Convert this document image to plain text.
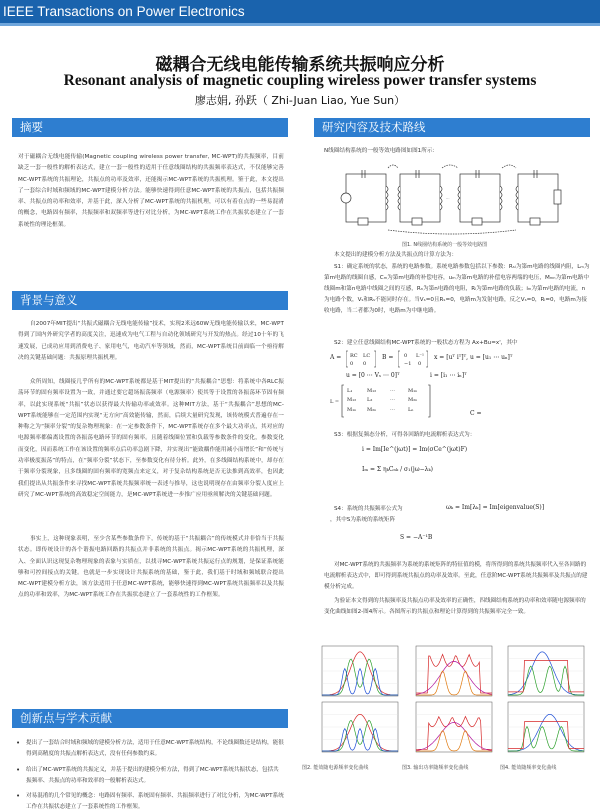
IEEE Transactions on Power Electronics
磁耦合无线电能传输系统共振响应分析
Resonant analysis of magnetic coupling wireless power transfer systems
廖志娟, 孙跃（ Zhi-Juan Liao, Yue Sun）
摘要

对于磁耦合无线电能传输(Magnetic coupling wireless power transfer, MC-WPT)的共振频率，目前缺乏一套一般性的解析表达式，建立一套一般性的适用于任意线圈结构的共振频率表达式，不仅能够完善MC-WPT系统的共振理论，共振点的功率及效率，还能揭示MC-WPT系统的共振机理。鉴于此，本文提出了一套综合时域和频域的MC-WPT建模分析方法。能够快速得到任意MC-WPT系统的共振点，包括共振频率、共振点的功率和效率，并基于此，深入分析了MC-WPT系统的共振机理，可以有着在点的一些易混淆的概念，电路固有频率，共振频率和双频率等进行对比分析，为MC-WPT系统工作在共振状态建立了一套系统性的理论框架。

背景与意义

自2007年MIT提出“共振式磁耦合无线电能传输”技术，实现2米远60W无线电能传输以来，MC-WPT得到了国内外研究学者的高度关注，迅速成为电气工程与自动化领域研究与开发的热点。经过10十年的飞速发展，已成功应用到消费电子、家用电气，电动汽车等领域，然而，MC-WPT系统目前面临一个亟待解决的关键基础问题：共振原理共振机理。

众所周知，线圈接几乎所有的MC-WPT系统都是基于MIT提出的“共振耦合”思想：将系统中各RLC振荡环节的固有频率设置为一致，并通过要它超场振荡频率（电源频率）使其等于设置的各振荡环节固有频率，以此实现系统“共振”状态以获得最大传输功率或效率。这种MIT方法，基于“共振耦合”思想的MC-WPT系统能够在一定范围内实现“无方向”高效能传输，然而，后续大量研究发现，该传统模式普遍存在一种称之为“频率分裂”的复杂物理现象：在一定参数条件下，MC-WPT系统存在多个最大功率点，其对应的电源频率都偏离设置的各振荡电路环节的固有频率。且随着线圈位置和负载等参数条件的变化，参数变化而变化，因而系统工作在该设置的频率点后功率急剧下降，并实现出“能致耦作能用减小而增长”和“传统与功率极度振荡”的特点，在“频率分裂”状态下，至参数变化有待分析。此外，在多线圈结构系统中，却存在于频率分裂现象，且多线圈的固有频率的宽频点来定义，对于复杂结构系统是否无法推到高效率，也因此我们提出从共振条件来寻找MC-WPT系统共振频率统一表述与推导，这也说明现存在由频率分裂人度应上研究了MC-WPT系统的高效稳定空间能力，是MC-WPT系统进一步推广应用亟须解决的关键基础问题。

事实上，这种现象表明，至少含某些参数条件下，传统的基于“共振耦合”的传统模式并非恰当于共振状态。即传统设计的各个谐振电路回路的共振点并非系统的共振点。揭示MC-WPT系统的共振机理，深入、全面认识这现复杂物理现象的表象与实质在，以找寻MC-WPT系统共振运行点的规划，是保证系统能够和可控间接点的关键。也就是一步实现设计共振系统的基础，鉴于此，我们基于时域和频域联合提出MC-WPT建模分析方法，该方法适用于任意MC-WPT系统，能够快速得到MC-WPT系统共振频率以及共振点的功率和效率，为MC-WPT系统工作在共振状态建立了一套系统性的工作框架。

创新点与学术贡献
• 提出了一套结合时域和频域的建模分析方法，适用于任意MC-WPT系统结构，不论线圈数还是结构，能很得到高精度的共振点解析表达式，没有任何参数约束。
• 给出了MC-WPT系统的共振定义，并基于提出的建模分析方法，得到了MC-WPT系统共振状态，包括共振频率、共振点的功率和效率的一般解析表达式。
• 对易混淆的几个常见的概念：电路固有频率、系统固有频率、共振频率进行了对比分析，为MC-WPT系统工作在共振状态建立了一套系统性的工作框架。
研究内容及技术路线
N线圈结构系统的一般等效电路图如图1所示：
⋯
图1. N线圈结构系统的一般等效电路图
本文提出的建模分析方法及共振点的计算方法为：
S1：确定系统的状态，系统的电路参数。系统电路参数包括以下参数：Rₛᵢ为第m电路的线圈内阻，Lₘ为第m电路的线圈自感，Cₘ为第m电路的补偿电容，uₘ为第m电路的补偿电容两端的电压，Mₘₙ为第m电路中线圈m和第n电路中线圈之间的互感，Rₙ为第n电路的电阻，Rₗ为第m电路的负载；iₘ为第m电路的电流，n为电路个数，Vₛ和Rₛ不能同时存在。当Vₛ=0且Rₛ=0，电路m为发射电路，反之Vₛ=0，Rₗ=0，电路m为接收电路，当二者都为0时，电路m为中继电路。
S2：建立任意线圈结构MC-WPT系统的一般状态方程为 Ax+Bu=x'，其中
A = RC LC
0 0
B = 0 L⁻¹
−1 0
x = [uᵀ iᵀ]ᵀ, u = [u₁ ⋯ uₙ]ᵀ
u = [0 ⋯ Vₛ ⋯ 0]ᵀ	i = [i₁ ⋯ iₙ]ᵀ
L =
L₁	M₁₂	⋯	M₁ₙ
M₁₂ L₂	⋯	M₂ₙ
M₁ₙ M₂ₙ	⋯	Lₙ	C =
S3：根据复频态分析，可得各回路的电流解析表达式为：
i = Im[Ie^(jωt)] = Im(σCe^(jωt)F)
Iₘ = Σ ηₖCₙₖ / σ₁(jω−λₖ)
S4：系统的共振频率公式为	ωₖ = Im[λₖ] = Im[eigenvalue(S)]
，其中S为系统的系统矩阵
S = −A⁻¹B
对MC-WPT系统的共振频率为系统的系统矩阵的特征值的模，将所得到的系统共振频率代入至各回路的电流解析表达式中，即可得到系统共振点的功率及效率。至此，任意阶MC-WPT系统共振频率及共振点的建模分析完成。
为验证本文得到的共振频率及共振点功率及效率的正确性，四线圈结构系统的功率和效率随电源频率的变化曲线如图2-图4所示。各图所示的共振点和理论计算得到的共振频率完全一致。
图2. 能效随电源频率变化曲线	图3. 输出功率随频率变化曲线	图4. 能效随频率变化曲线
